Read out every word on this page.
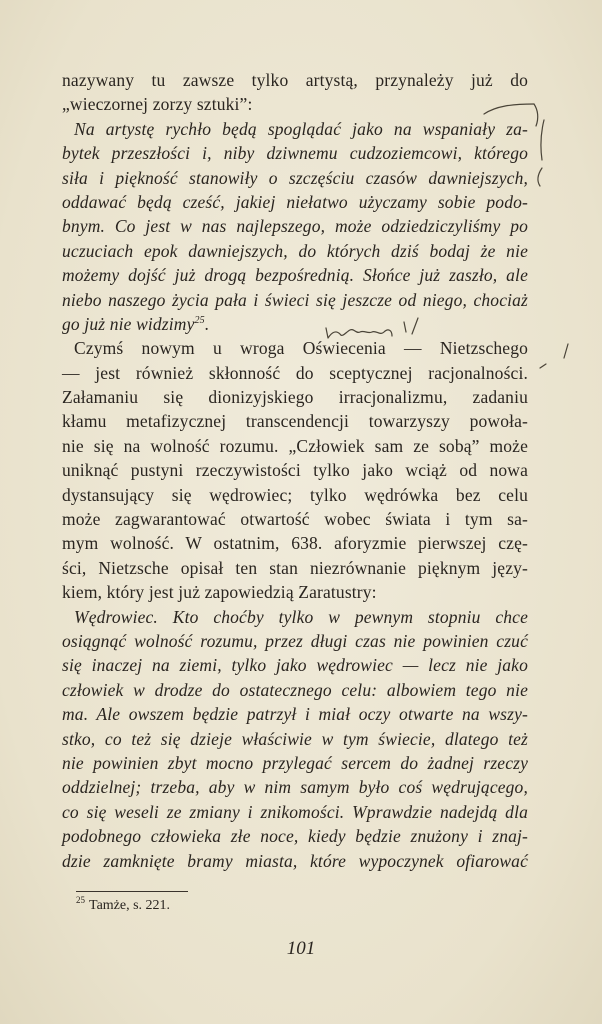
nazywany tu zawsze tylko artystą, przynależy już do
„wieczornej zorzy sztuki”:
Na artystę rychło będą spoglądać jako na wspaniały za-
bytek przeszłości i, niby dziwnemu cudzoziemcowi, którego
siła i piękność stanowiły o szczęściu czasów dawniejszych,
oddawać będą cześć, jakiej niełatwo użyczamy sobie podo-
bnym. Co jest w nas najlepszego, może odziedziczyliśmy po
uczuciach epok dawniejszych, do których dziś bodaj że nie
możemy dojść już drogą bezpośrednią. Słońce już zaszło, ale
niebo naszego życia pała i świeci się jeszcze od niego, chociaż
go już nie widzimy$^{25}$.
Czymś nowym u wroga Oświecenia — Nietzschego
— jest również skłonność do sceptycznej racjonalności.
Załamaniu się dionizyjskiego irracjonalizmu, zadaniu
kłamu metafizycznej transcendencji towarzyszy powoła-
nie się na wolność rozumu. „Człowiek sam ze sobą” może
uniknąć pustyni rzeczywistości tylko jako wciąż od nowa
dystansujący się wędrowiec; tylko wędrówka bez celu
może zagwarantować otwartość wobec świata i tym sa-
mym wolność. W ostatnim, 638. aforyzmie pierwszej czę-
ści, Nietzsche opisał ten stan niezrównanie pięknym języ-
kiem, który jest już zapowiedzią Zaratustry:
Wędrowiec. Kto choćby tylko w pewnym stopniu chce
osiągnąć wolność rozumu, przez długi czas nie powinien czuć
się inaczej na ziemi, tylko jako wędrowiec — lecz nie jako
człowiek w drodze do ostatecznego celu: albowiem tego nie
ma. Ale owszem będzie patrzył i miał oczy otwarte na wszy-
stko, co też się dzieje właściwie w tym świecie, dlatego też
nie powinien zbyt mocno przylegać sercem do żadnej rzeczy
oddzielnej; trzeba, aby w nim samym było coś wędrującego,
co się weseli ze zmiany i znikomości. Wprawdzie nadejdą dla
podobnego człowieka złe noce, kiedy będzie znużony i znaj-
dzie zamknięte bramy miasta, które wypoczynek ofiarować
$^{25}$ Tamże, s. 221.
101
